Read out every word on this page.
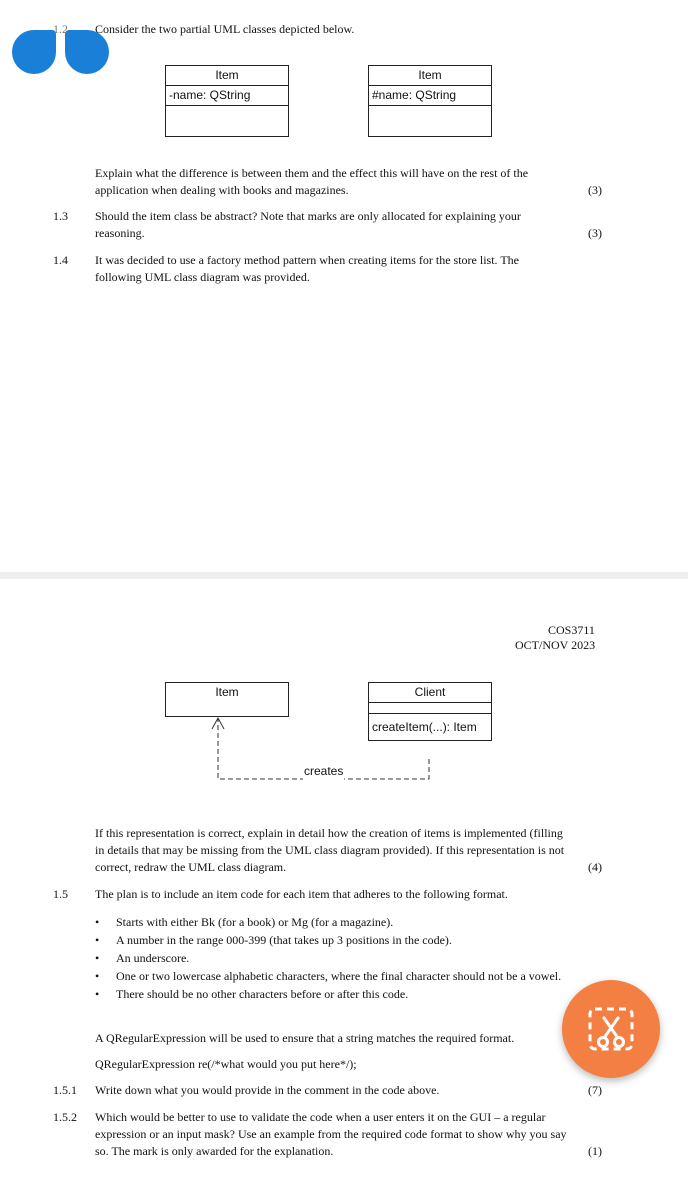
1.2 Consider the two partial UML classes depicted below.
Item
-name: QString
Item
#name: QString
Explain what the difference is between them and the effect this will have on the rest of the
application when dealing with books and magazines.	(3)
1.3 Should the item class be abstract? Note that marks are only allocated for explaining your
reasoning.	(3)
1.4 It was decided to use a factory method pattern when creating items for the store list. The
following UML class diagram was provided.
COS3711
OCT/NOV 2023
Item	Client
createItem(...): Item
creates
If this representation is correct, explain in detail how the creation of items is implemented (filling
in details that may be missing from the UML class diagram provided). If this representation is not
correct, redraw the UML class diagram.	(4)
1.5 The plan is to include an item code for each item that adheres to the following format.
Starts with either Bk (for a book) or Mg (for a magazine).
A number in the range 000-399 (that takes up 3 positions in the code).
An underscore.
One or two lowercase alphabetic characters, where the final character should not be a vowel.
There should be no other characters before or after this code.
A QRegularExpression will be used to ensure that a string matches the required format.
QRegularExpression re(/*what would you put here*/);
1.5.1 Write down what you would provide in the comment in the code above.	(7)
1.5.2 Which would be better to use to validate the code when a user enters it on the GUI – a regular
expression or an input mask? Use an example from the required code format to show why you say
so. The mark is only awarded for the explanation.	(1)
